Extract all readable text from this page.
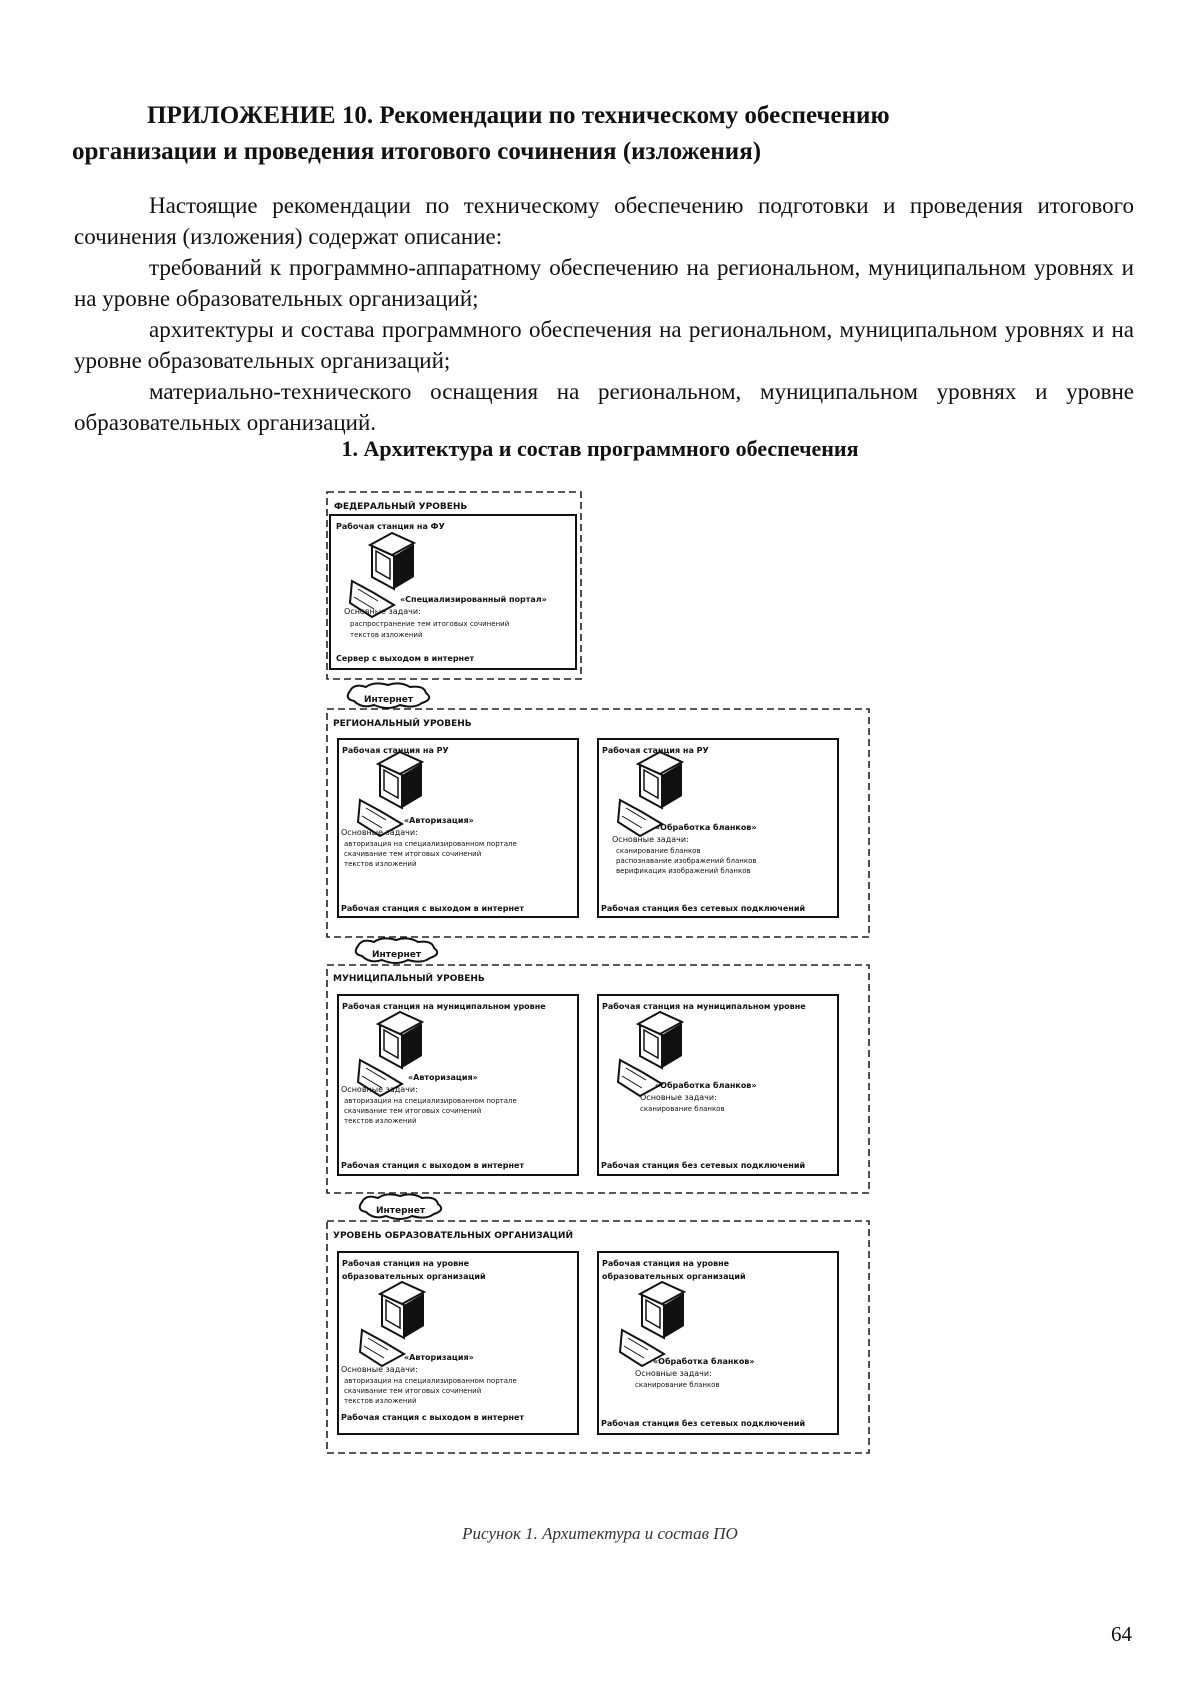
ПРИЛОЖЕНИЕ 10. Рекомендации по техническому обеспечению
организации и проведения итогового сочинения (изложения)
Настоящие рекомендации по техническому обеспечению подготовки и проведения итогового сочинения (изложения) содержат описание:
требований к программно-аппаратному обеспечению на региональном, муниципальном уровнях и на уровне образовательных организаций;
архитектуры и состава программного обеспечения на региональном, муниципальном уровнях и на уровне образовательных организаций;
материально-технического оснащения на региональном, муниципальном уровнях и уровне образовательных организаций.
1. Архитектура и состав программного обеспечения
Интернет
Интернет
Интернет
ФЕДЕРАЛЬНЫЙ УРОВЕНЬ
РЕГИОНАЛЬНЫЙ УРОВЕНЬ
МУНИЦИПАЛЬНЫЙ УРОВЕНЬ
УРОВЕНЬ ОБРАЗОВАТЕЛЬНЫХ ОРГАНИЗАЦИЙ
Рабочая станция на ФУ
«Специализированный портал»
Основные задачи:
распространение тем итоговых сочинений
текстов изложений
Сервер с выходом в интернет
Рабочая станция на РУ
«Авторизация»
Основные задачи:
авторизация на специализированном портале
скачивание тем итоговых сочинений
текстов изложений
Рабочая станция с выходом в интернет
Рабочая станция на РУ
«Обработка бланков»
Основные задачи:
сканирование бланков
распознавание изображений бланков
верификация изображений бланков
Рабочая станция без сетевых подключений
Рабочая станция на муниципальном уровне
«Авторизация»
Основные задачи:
авторизация на специализированном портале
скачивание тем итоговых сочинений
текстов изложений
Рабочая станция с выходом в интернет
Рабочая станция на муниципальном уровне
«Обработка бланков»
Основные задачи:
сканирование бланков
Рабочая станция без сетевых подключений
Рабочая станция на уровне
образовательных организаций
«Авторизация»
Основные задачи:
авторизация на специализированном портале
скачивание тем итоговых сочинений
текстов изложений
Рабочая станция с выходом в интернет
Рабочая станция на уровне
образовательных организаций
«Обработка бланков»
Основные задачи:
сканирование бланков
Рабочая станция без сетевых подключений
Рисунок 1. Архитектура и состав ПО
64
